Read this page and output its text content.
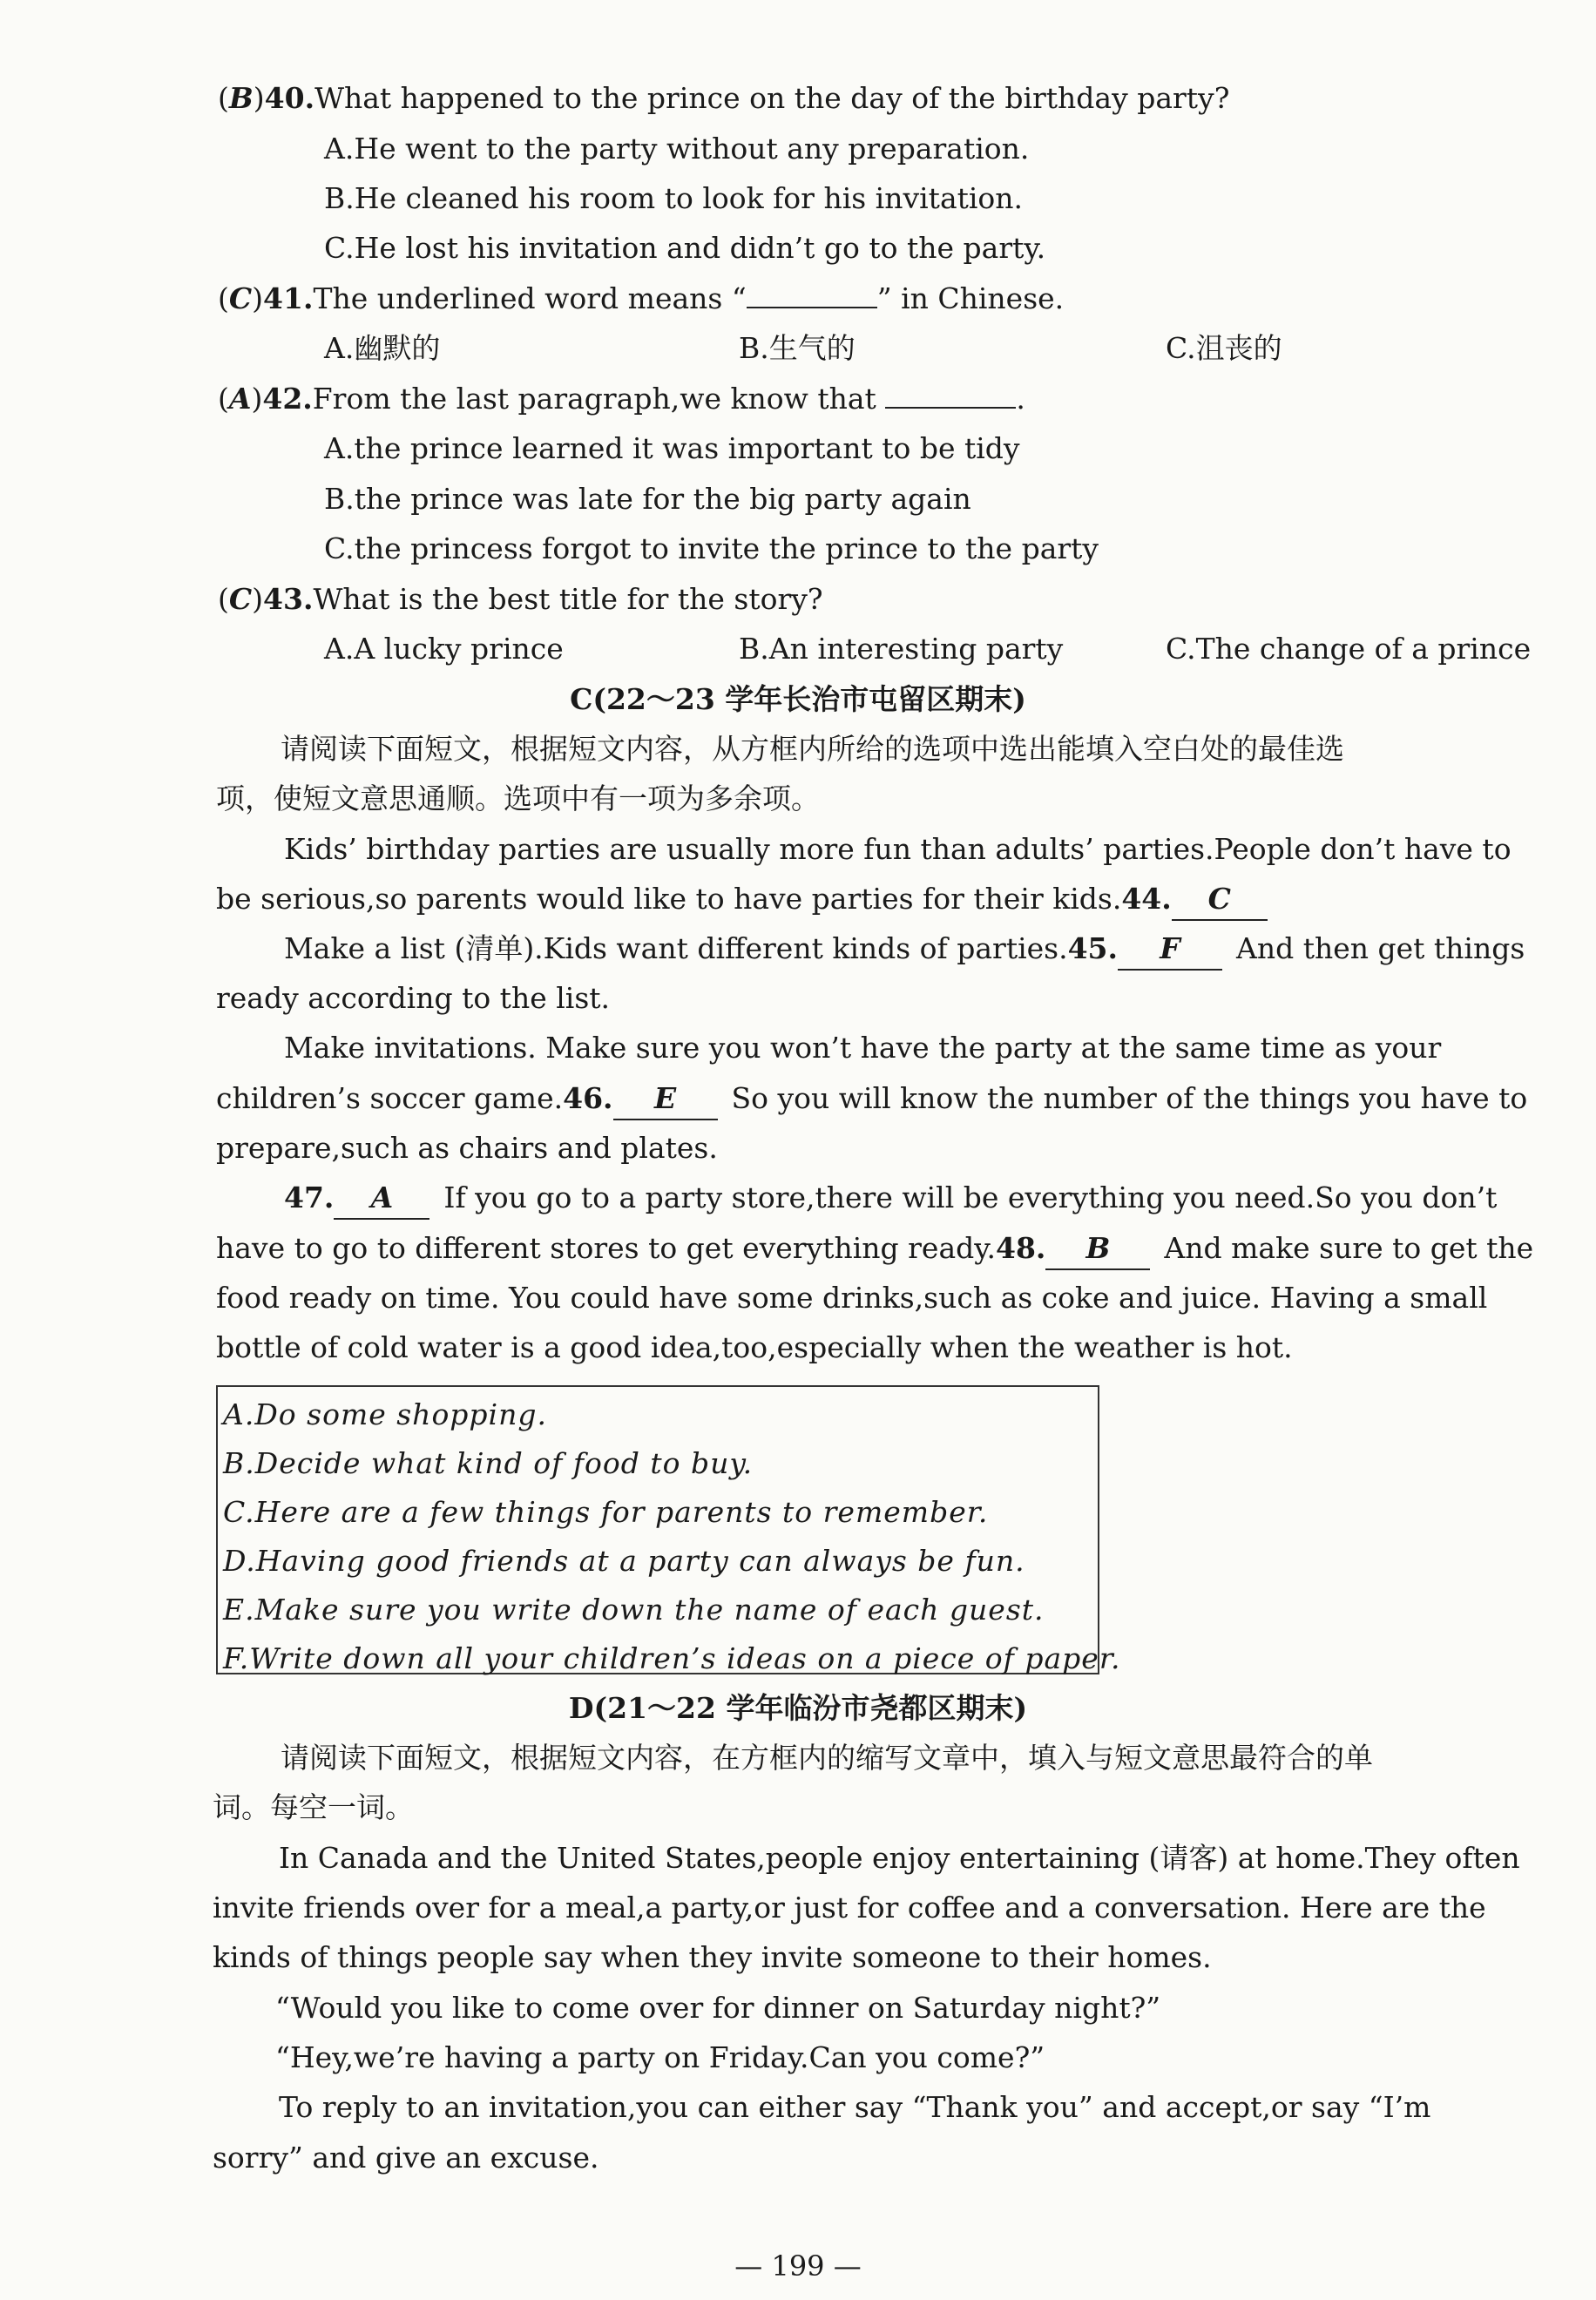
(B)40.What happened to the prince on the day of the birthday party?
A.He went to the party without any preparation.
B.He cleaned his room to look for his invitation.
C.He lost his invitation and didn’t go to the party.
(C)41.The underlined word means “	” in Chinese.
A.幽默的	B.生气的	C.沮丧的
(A)42.From the last paragraph,we know that	.
A.the prince learned it was important to be tidy
B.the prince was late for the big party again
C.the princess forgot to invite the prince to the party
(C)43.What is the best title for the story?
A.A lucky prince	B.An interesting party	C.The change of a prince
C(22～23 学年长治市屯留区期末)
请阅读下面短文，根据短文内容，从方框内所给的选项中选出能填入空白处的最佳选
项，使短文意思通顺。选项中有一项为多余项。
Kids’ birthday parties are usually more fun than adults’ parties.People don’t have to
be serious,so parents would like to have parties for their kids.44. C
Make a list (清单).Kids want different kinds of parties.45. F And then get things
ready according to the list.
Make invitations. Make sure you won’t have the party at the same time as your
children’s soccer game.46. E So you will know the number of the things you have to
prepare,such as chairs and plates.
47. A If you go to a party store,there will be everything you need.So you don’t
have to go to different stores to get everything ready.48. B And make sure to get the
food ready on time. You could have some drinks,such as coke and juice. Having a small
bottle of cold water is a good idea,too,especially when the weather is hot.
A.Do some shopping.
B.Decide what kind of food to buy.
C.Here are a few things for parents to remember.
D.Having good friends at a party can always be fun.
E.Make sure you write down the name of each guest.
F.Write down all your children’s ideas on a piece of paper.
D(21～22 学年临汾市尧都区期末)
请阅读下面短文，根据短文内容，在方框内的缩写文章中，填入与短文意思最符合的单
词。每空一词。
In Canada and the United States,people enjoy entertaining (请客) at home.They often
invite friends over for a meal,a party,or just for coffee and a conversation. Here are the
kinds of things people say when they invite someone to their homes.
“Would you like to come over for dinner on Saturday night?”
“Hey,we’re having a party on Friday.Can you come?”
To reply to an invitation,you can either say “Thank you” and accept,or say “I’m
sorry” and give an excuse.
— 199 —
